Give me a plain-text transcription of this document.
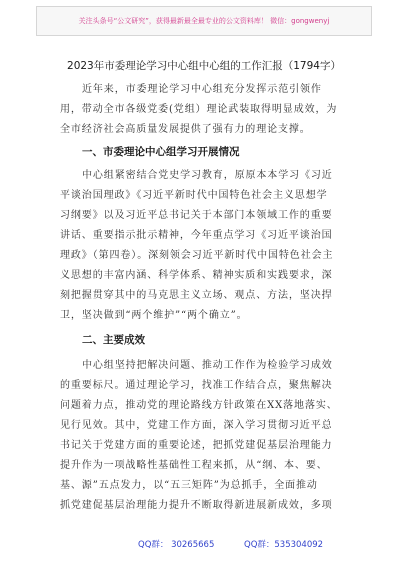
关注头条号“公文研究”，获得最新最全最专业的公文资料库！ 微信：gongwenyj
2023年市委理论学习中心组中心组的工作汇报（1794字）
近年来，市委理论学习中心组充分发挥示范引领作
用，带动全市各级党委(党组）理论武装取得明显成效，为
全市经济社会高质量发展提供了强有力的理论支撑。
一、市委理论中心组学习开展情况
中心组紧密结合党史学习教育，原原本本学习《习近
平谈治国理政》《习近平新时代中国特色社会主义思想学
习纲要》以及习近平总书记关于本部门本领域工作的重要
讲话、重要指示批示精神，今年重点学习《习近平谈治国
理政》（第四卷）。深刻领会习近平新时代中国特色社会主
义思想的丰富内涵、科学体系、精神实质和实践要求，深
刻把握贯穿其中的马克思主义立场、观点、方法，坚决捍
卫，坚决做到“两个维护”“两个确立”。
二、主要成效
中心组坚持把解决问题、推动工作作为检验学习成效
的重要标尺。通过理论学习，找准工作结合点，聚焦解决
问题着力点，推动党的理论路线方针政策在XX落地落实、
见行见效。其中，党建工作方面，深入学习贯彻习近平总
书记关于党建方面的重要论述，把抓党建促基层治理能力
提升作为一项战略性基础性工程来抓，从“纲、本、要、
基、源”五点发力，以“五三矩阵”为总抓手，全面推动
抓党建促基层治理能力提升不断取得新进展新成效，多项
QQ群： 30265665	QQ群：535304092
